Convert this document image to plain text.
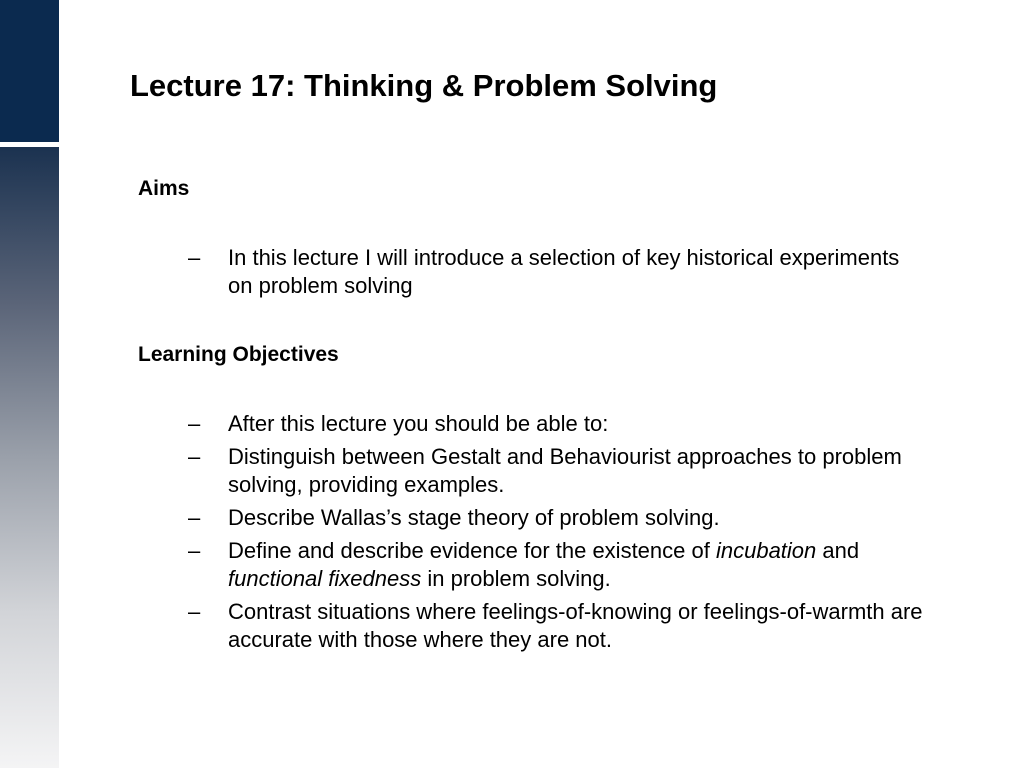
Lecture 17: Thinking & Problem Solving
Aims
– In this lecture I will introduce a selection of key historical experiments on problem solving
Learning Objectives
– After this lecture you should be able to:
– Distinguish between Gestalt and Behaviourist approaches to problem solving, providing examples.
– Describe Wallas’s stage theory of problem solving.
– Define and describe evidence for the existence of incubation and functional fixedness in problem solving.
– Contrast situations where feelings-of-knowing or feelings-of-warmth are accurate with those where they are not.
